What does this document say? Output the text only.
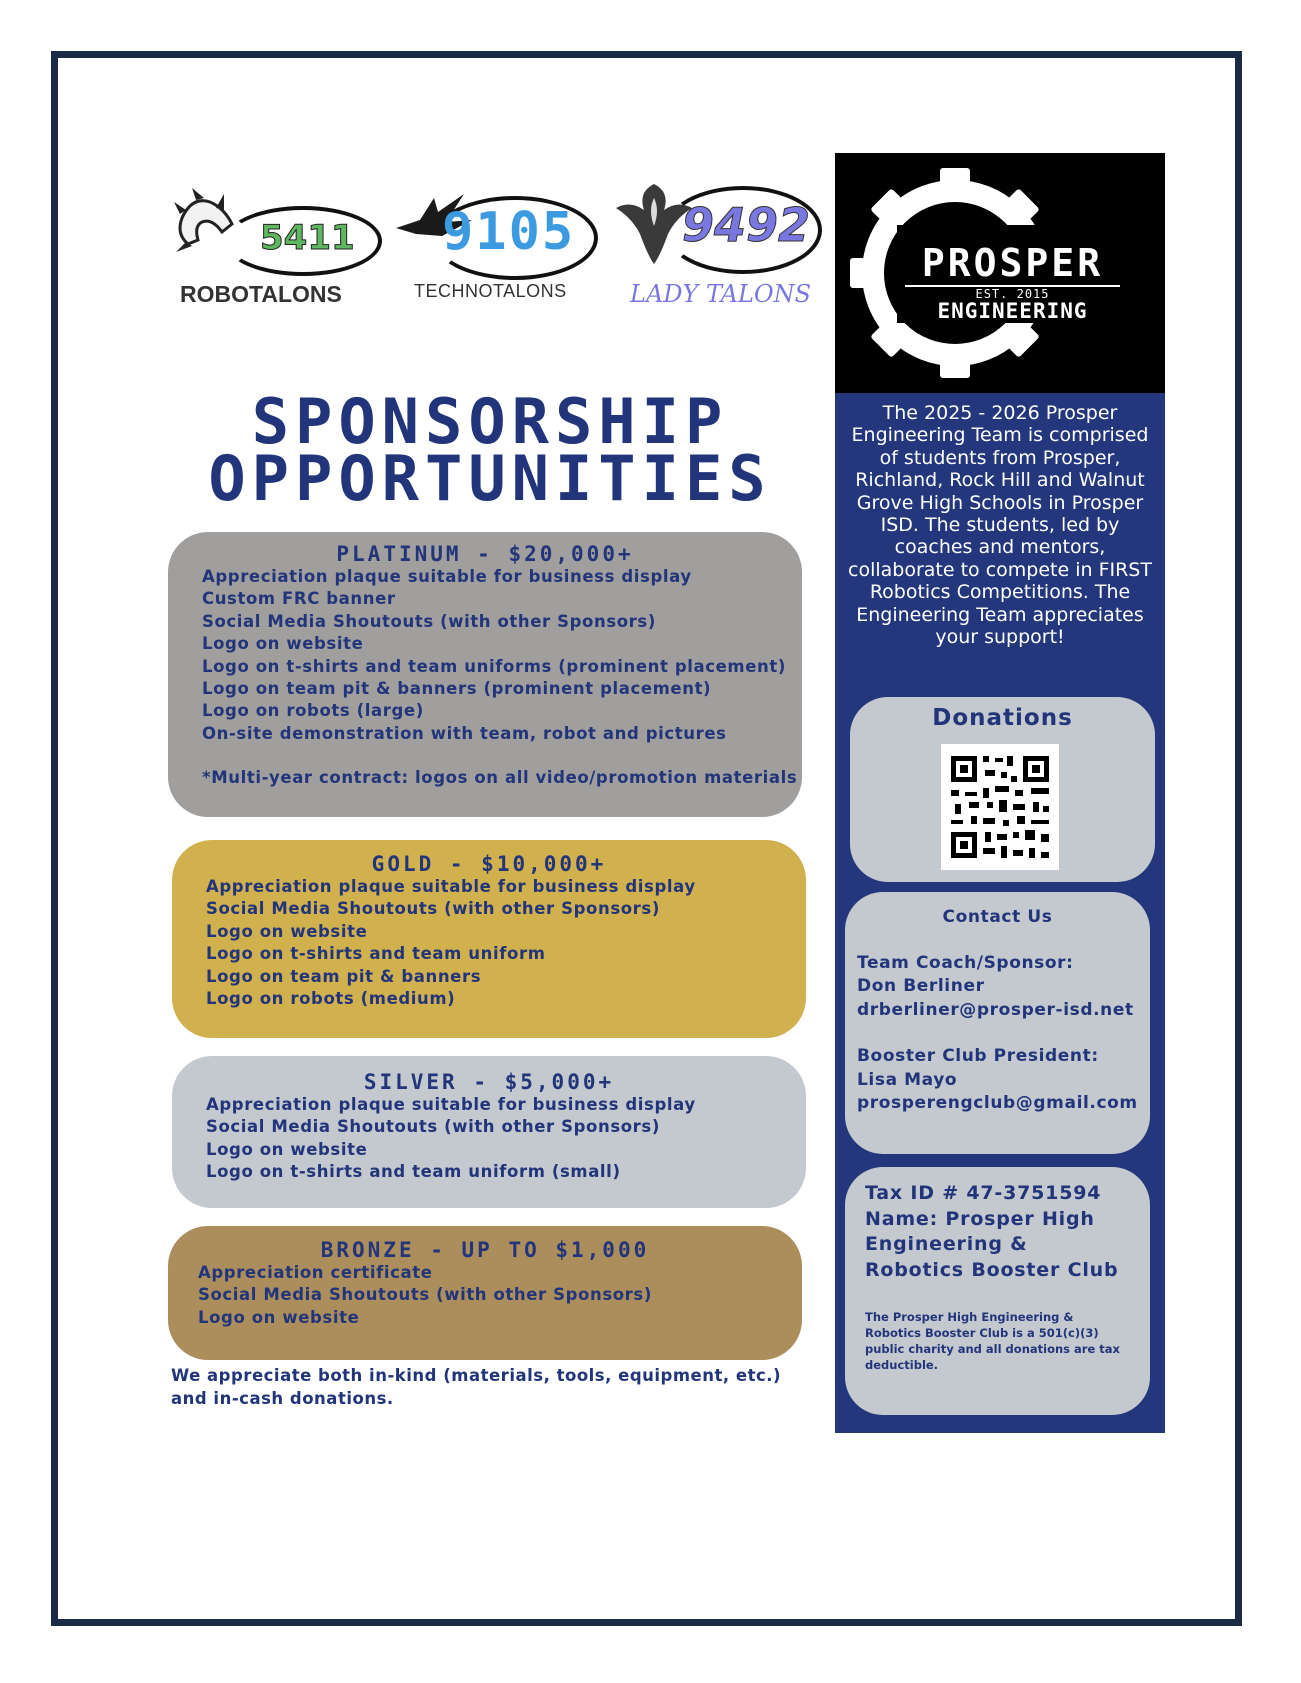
5411
ROBOTALONS
9105
TECHNOTALONS
9492
LADY TALONS
SPONSORSHIP
OPPORTUNITIES
PLATINUM - $20,000+
Appreciation plaque suitable for business display
Custom FRC banner
Social Media Shoutouts (with other Sponsors)
Logo on website
Logo on t-shirts and team uniforms (prominent placement)
Logo on team pit & banners (prominent placement)
Logo on robots (large)
On-site demonstration with team, robot and pictures
*Multi-year contract: logos on all video/promotion materials
GOLD - $10,000+
Appreciation plaque suitable for business display
Social Media Shoutouts (with other Sponsors)
Logo on website
Logo on t-shirts and team uniform
Logo on team pit & banners
Logo on robots (medium)
SILVER - $5,000+
Appreciation plaque suitable for business display
Social Media Shoutouts (with other Sponsors)
Logo on website
Logo on t-shirts and team uniform (small)
BRONZE - UP TO $1,000
Appreciation certificate
Social Media Shoutouts (with other Sponsors)
Logo on website
We appreciate both in-kind (materials, tools, equipment, etc.) and in-cash donations.
PROSPER
EST. 2015
ENGINEERING
The 2025 - 2026 Prosper Engineering Team is comprised of students from Prosper, Richland, Rock Hill and Walnut Grove High Schools in Prosper ISD. The students, led by coaches and mentors, collaborate to compete in FIRST Robotics Competitions. The Engineering Team appreciates your support!
Donations
Contact Us
Team Coach/Sponsor:
Don Berliner
drberliner@prosper-isd.net
Booster Club President:
Lisa Mayo
prosperengclub@gmail.com
Tax ID # 47-3751594
Name: Prosper High Engineering & Robotics Booster Club
The Prosper High Engineering & Robotics Booster Club is a 501(c)(3) public charity and all donations are tax deductible.
